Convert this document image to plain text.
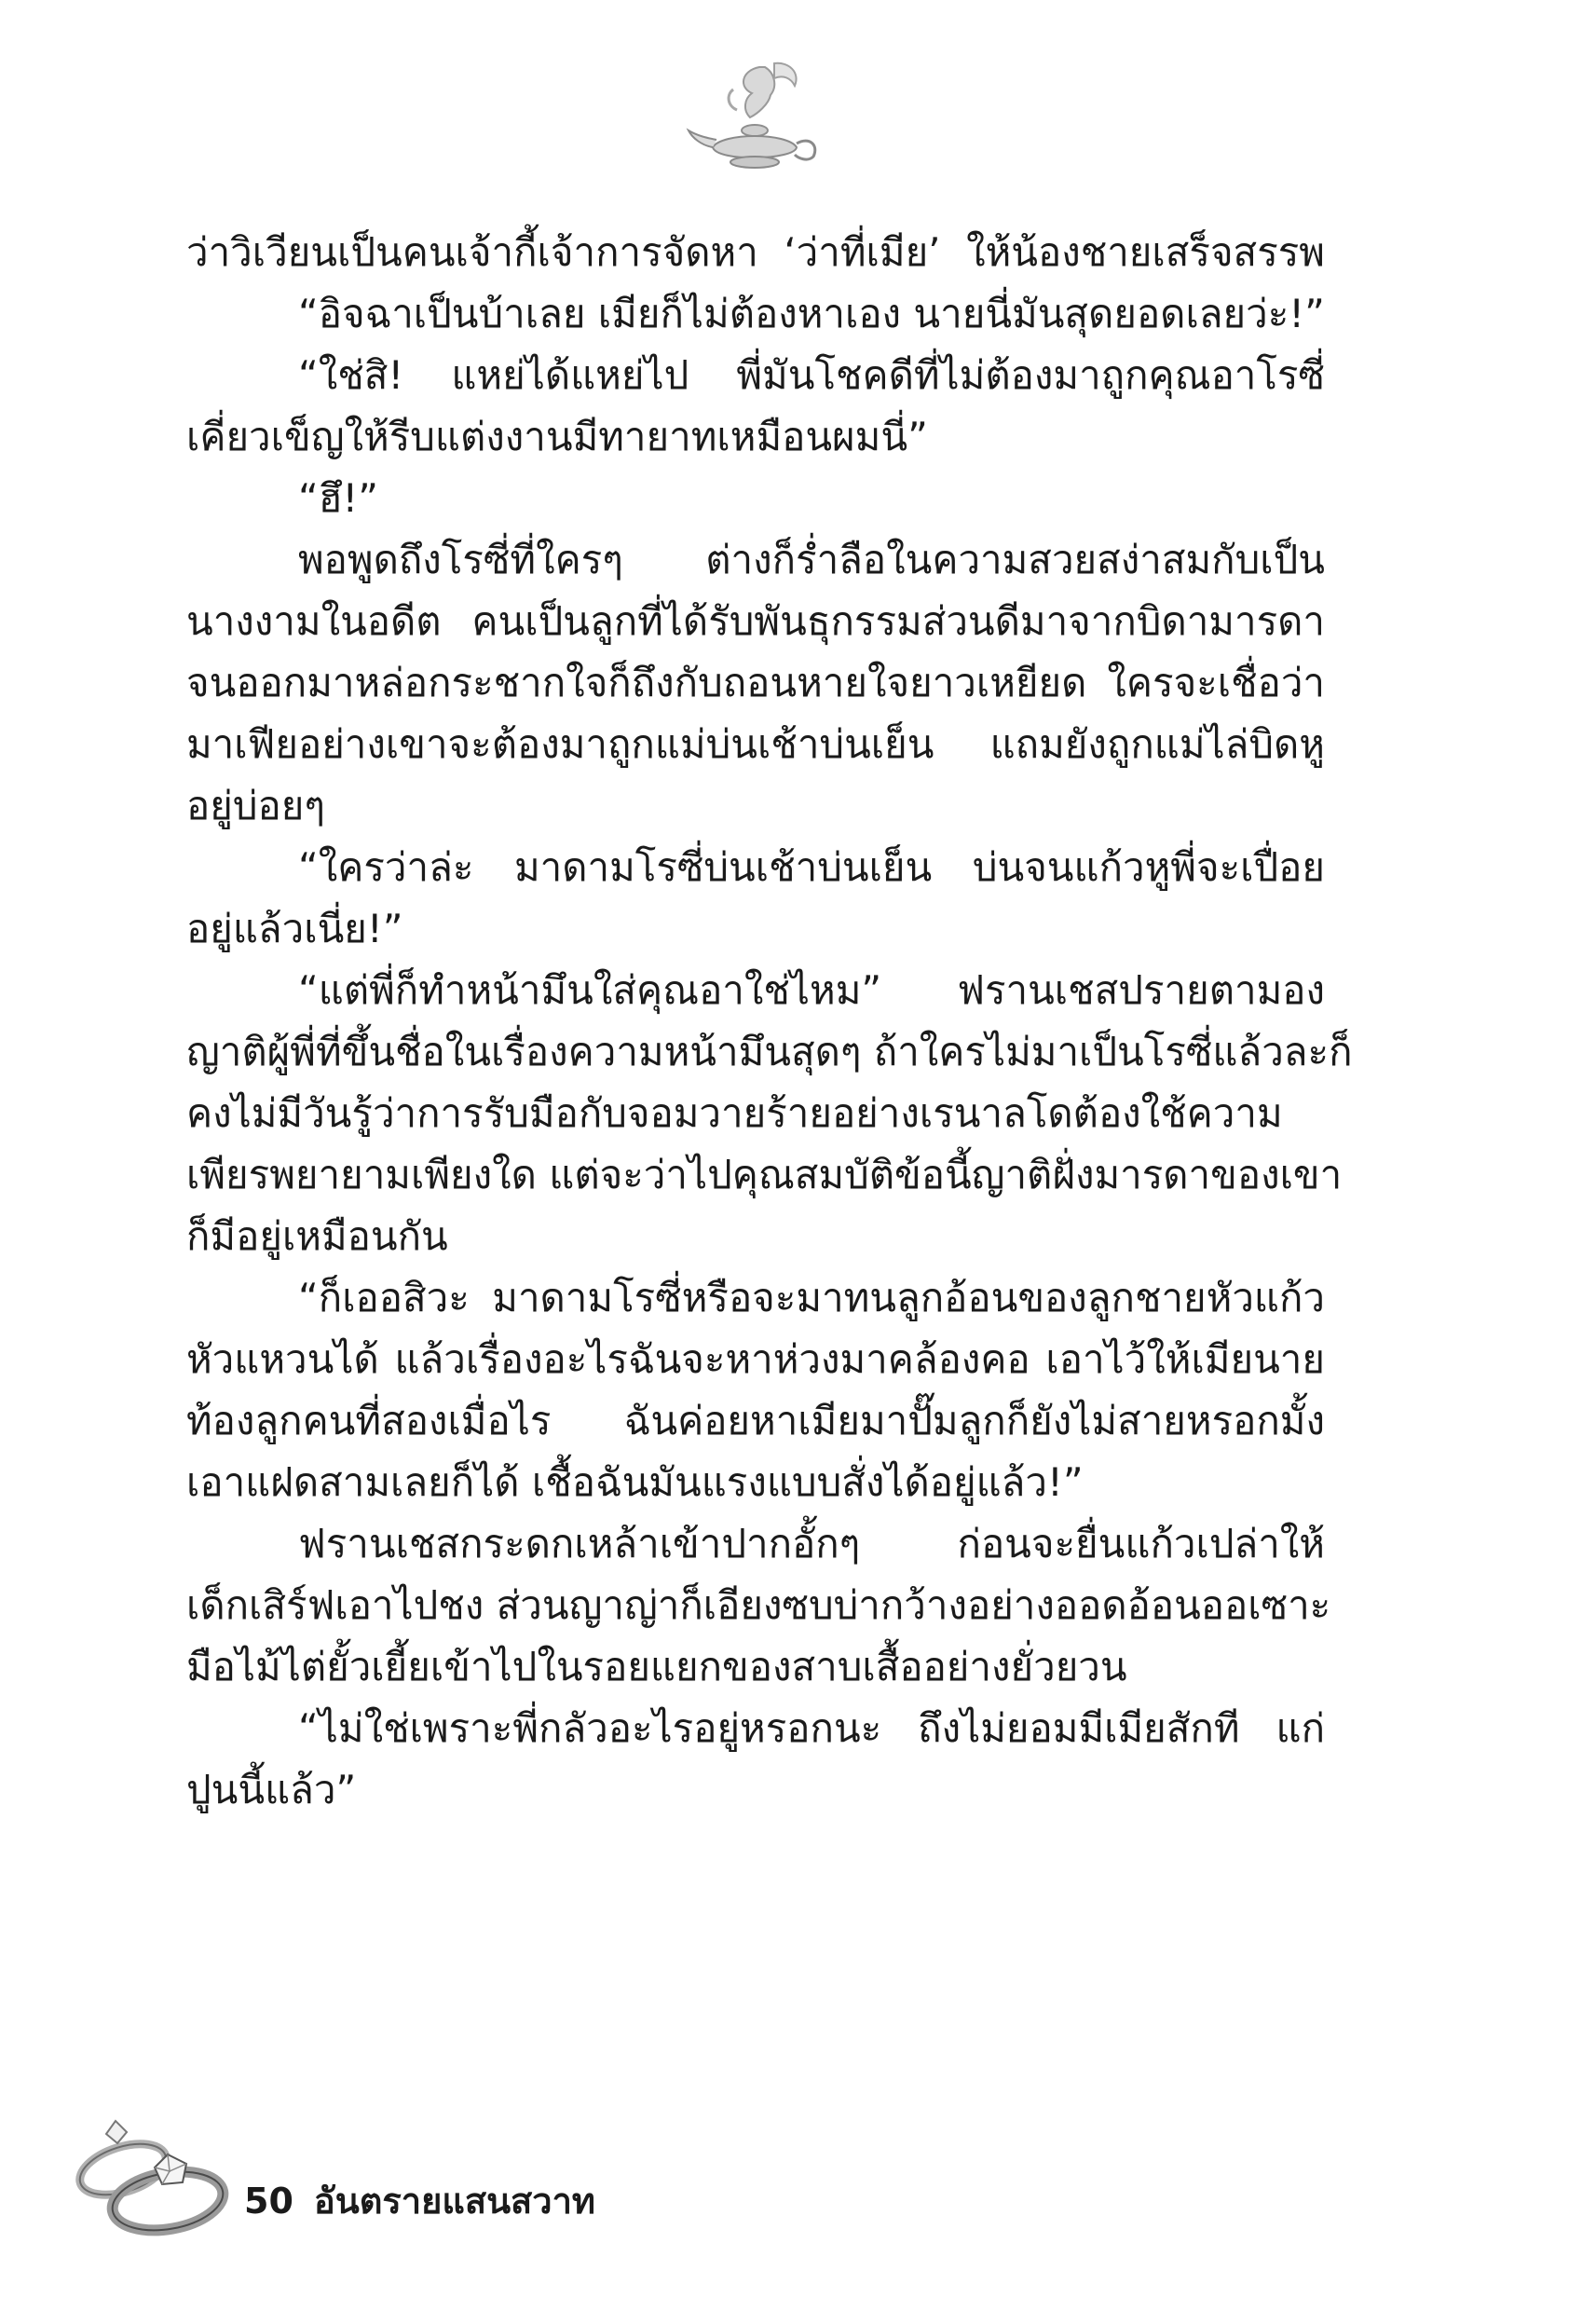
ว่าวิเวียนเป็นคนเจ้ากี้เจ้าการจัดหา ‘ว่าที่เมีย’ ให้น้องชายเสร็จสรรพ
“อิจฉาเป็นบ้าเลย เมียก็ไม่ต้องหาเอง นายนี่มันสุดยอดเลยว่ะ!”
“ใช่สิ! แหย่ได้แหย่ไป พี่มันโชคดีที่ไม่ต้องมาถูกคุณอาโรซี่
เคี่ยวเข็ญให้รีบแต่งงานมีทายาทเหมือนผมนี่”
“ฮึ!”
พอพูดถึงโรซี่ที่ใครๆ ต่างก็ร่ำลือในความสวยสง่าสมกับเป็น
นางงามในอดีต คนเป็นลูกที่ได้รับพันธุกรรมส่วนดีมาจากบิดามารดา
จนออกมาหล่อกระชากใจก็ถึงกับถอนหายใจยาวเหยียด ใครจะเชื่อว่า
มาเฟียอย่างเขาจะต้องมาถูกแม่บ่นเช้าบ่นเย็น แถมยังถูกแม่ไล่บิดหู
อยู่บ่อยๆ
“ใครว่าล่ะ มาดามโรซี่บ่นเช้าบ่นเย็น บ่นจนแก้วหูพี่จะเปื่อย
อยู่แล้วเนี่ย!”
“แต่พี่ก็ทำหน้ามึนใส่คุณอาใช่ไหม” ฟรานเชสปรายตามอง
ญาติผู้พี่ที่ขึ้นชื่อในเรื่องความหน้ามึนสุดๆ ถ้าใครไม่มาเป็นโรซี่แล้วละก็
คงไม่มีวันรู้ว่าการรับมือกับจอมวายร้ายอย่างเรนาลโดต้องใช้ความ
เพียรพยายามเพียงใด แต่จะว่าไปคุณสมบัติข้อนี้ญาติฝั่งมารดาของเขา
ก็มีอยู่เหมือนกัน
“ก็เออสิวะ มาดามโรซี่หรือจะมาทนลูกอ้อนของลูกชายหัวแก้ว
หัวแหวนได้ แล้วเรื่องอะไรฉันจะหาห่วงมาคล้องคอ เอาไว้ให้เมียนาย
ท้องลูกคนที่สองเมื่อไร ฉันค่อยหาเมียมาปั๊มลูกก็ยังไม่สายหรอกมั้ง
เอาแฝดสามเลยก็ได้ เชื้อฉันมันแรงแบบสั่งได้อยู่แล้ว!”
ฟรานเชสกระดกเหล้าเข้าปากอั้กๆ ก่อนจะยื่นแก้วเปล่าให้
เด็กเสิร์ฟเอาไปชง ส่วนญาญ่าก็เอียงซบบ่ากว้างอย่างออดอ้อนออเซาะ
มือไม้ไต่ยั้วเยี้ยเข้าไปในรอยแยกของสาบเสื้ออย่างยั่วยวน
“ไม่ใช่เพราะพี่กลัวอะไรอยู่หรอกนะ ถึงไม่ยอมมีเมียสักที แก่
ปูนนี้แล้ว”
50 อันตรายแสนสวาท
